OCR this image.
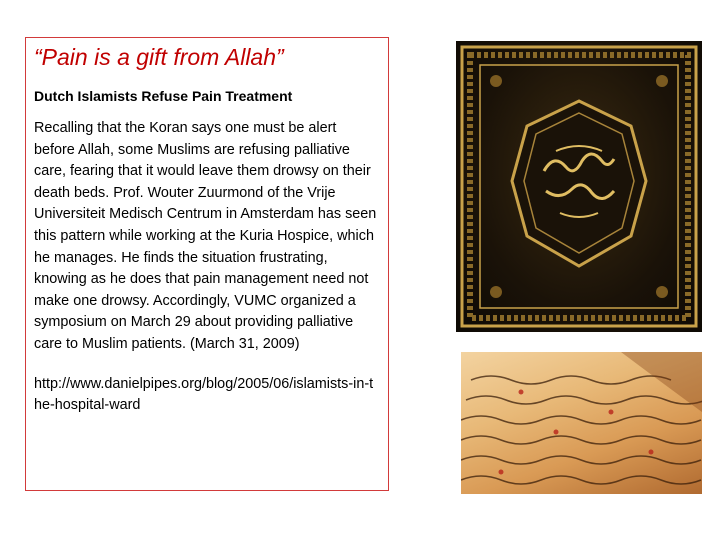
“Pain is a gift from Allah”

Dutch Islamists Refuse Pain Treatment

Recalling that the Koran says one must be alert before Allah, some Muslims are refusing palliative care, fearing that it would leave them drowsy on their death beds. Prof. Wouter Zuurmond of the Vrije Universiteit Medisch Centrum in Amsterdam has seen this pattern while working at the Kuria Hospice, which he manages. He finds the situation frustrating, knowing as he does that pain management need not make one drowsy. Accordingly, VUMC organized a symposium on March 29 about providing palliative care to Muslim patients. (March 31, 2009)

http://www.danielpipes.org/blog/2005/06/islamists-in-the-hospital-ward
